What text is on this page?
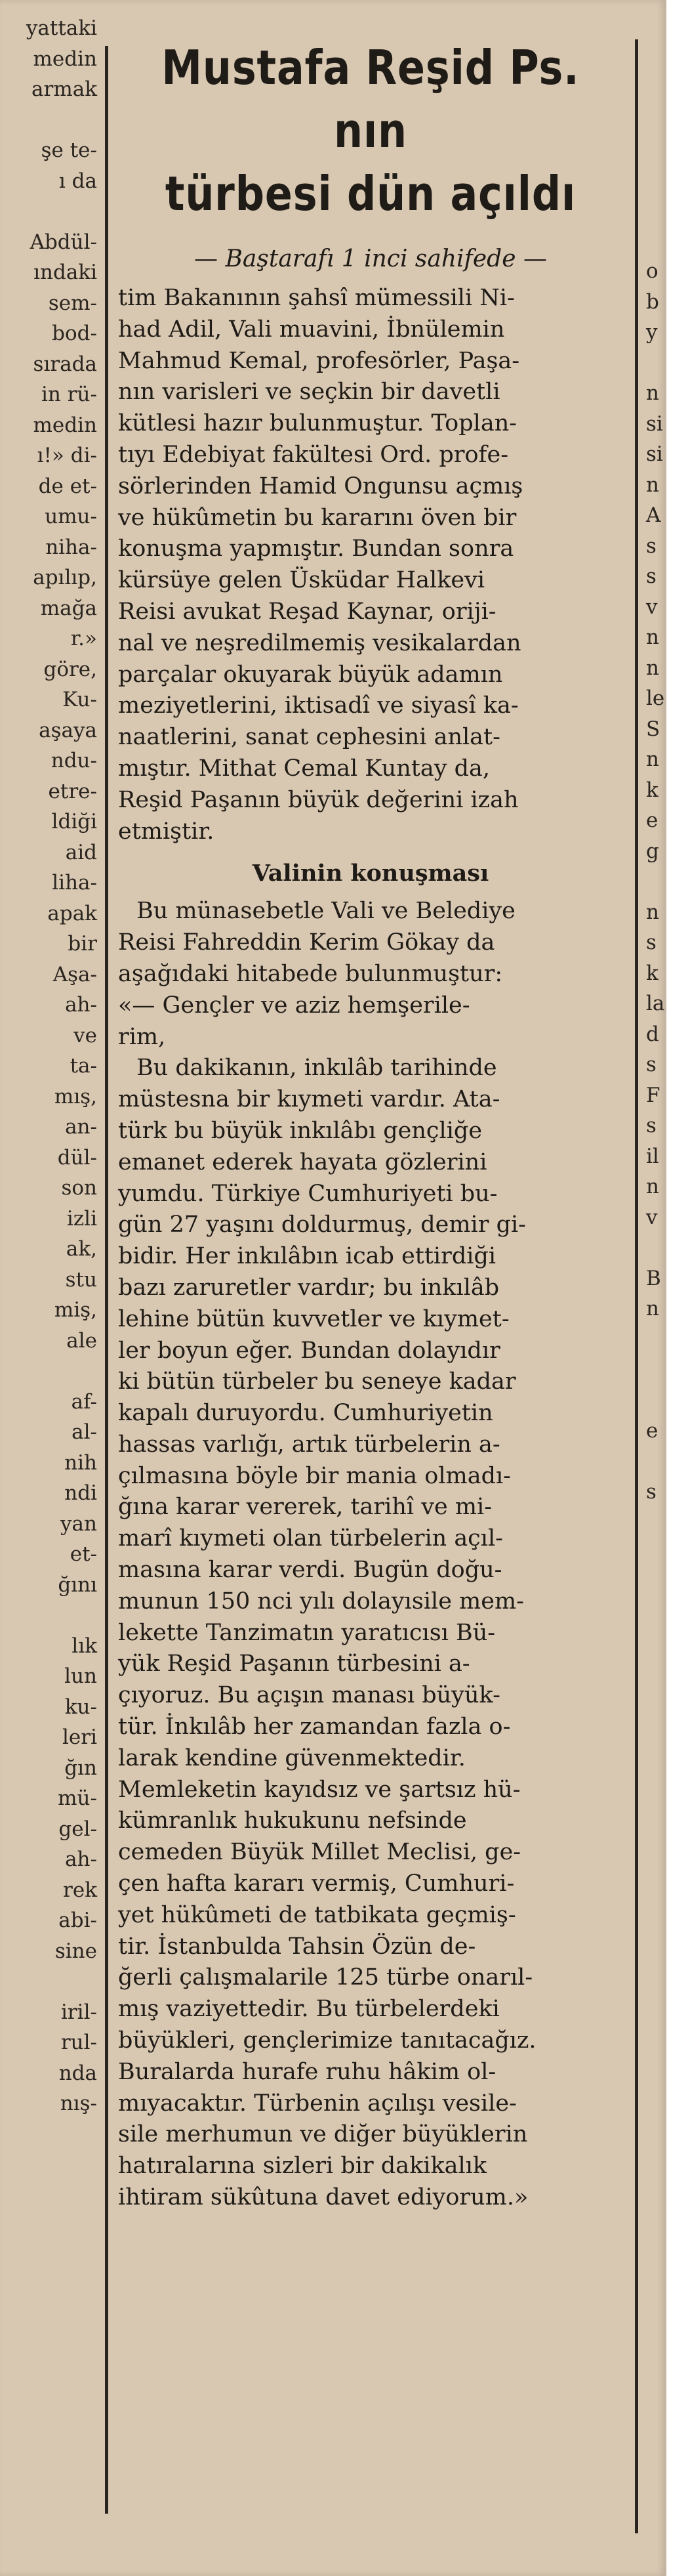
yattaki
medin
armak
şe te-
ı da
Abdül-
ındaki
sem-
bod-
sırada
in rü-
medin
ı!» di-
de et-
umu-
niha-
apılıp,
mağa
r.»
göre,
Ku-
aşaya
ndu-
etre-
ldiği
aid
liha-
apak
bir
Aşa-
ah-
ve
ta-
mış,
an-
dül-
son
izli
ak,
stu
miş,
ale
af-
al-
nih
ndi
yan
et-
ğını
lık
lun
ku-
leri
ğın
mü-
gel-
ah-
rek
abi-
sine
iril-
rul-
nda
nış-
o
b
y
n
si
si
n
A
s
s
v
n
n
le
S
n
k
e
g
n
s
k
la
d
s
F
s
il
n
v
B
n
e
s
Mustafa Reşid Ps. nın
türbesi dün açıldı
— Baştarafı 1 inci sahifede —
tim Bakanının şahsî mümessili Ni-
had Adil, Vali muavini, İbnülemin
Mahmud Kemal, profesörler, Paşa-
nın varisleri ve seçkin bir davetli
kütlesi hazır bulunmuştur. Toplan-
tıyı Edebiyat fakültesi Ord. profe-
sörlerinden Hamid Ongunsu açmış
ve hükûmetin bu kararını öven bir
konuşma yapmıştır. Bundan sonra
kürsüye gelen Üsküdar Halkevi
Reisi avukat Reşad Kaynar, oriji-
nal ve neşredilmemiş vesikalardan
parçalar okuyarak büyük adamın
meziyetlerini, iktisadî ve siyasî ka-
naatlerini, sanat cephesini anlat-
mıştır. Mithat Cemal Kuntay da,
Reşid Paşanın büyük değerini izah
etmiştir.
Valinin konuşması
Bu münasebetle Vali ve Belediye
Reisi Fahreddin Kerim Gökay da
aşağıdaki hitabede bulunmuştur:
«— Gençler ve aziz hemşerile-
rim,
Bu dakikanın, inkılâb tarihinde
müstesna bir kıymeti vardır. Ata-
türk bu büyük inkılâbı gençliğe
emanet ederek hayata gözlerini
yumdu. Türkiye Cumhuriyeti bu-
gün 27 yaşını doldurmuş, demir gi-
bidir. Her inkılâbın icab ettirdiği
bazı zaruretler vardır; bu inkılâb
lehine bütün kuvvetler ve kıymet-
ler boyun eğer. Bundan dolayıdır
ki bütün türbeler bu seneye kadar
kapalı duruyordu. Cumhuriyetin
hassas varlığı, artık türbelerin a-
çılmasına böyle bir mania olmadı-
ğına karar vererek, tarihî ve mi-
marî kıymeti olan türbelerin açıl-
masına karar verdi. Bugün doğu-
munun 150 nci yılı dolayısile mem-
lekette Tanzimatın yaratıcısı Bü-
yük Reşid Paşanın türbesini a-
çıyoruz. Bu açışın manası büyük-
tür. İnkılâb her zamandan fazla o-
larak kendine güvenmektedir.
Memleketin kayıdsız ve şartsız hü-
kümranlık hukukunu nefsinde
cemeden Büyük Millet Meclisi, ge-
çen hafta kararı vermiş, Cumhuri-
yet hükûmeti de tatbikata geçmiş-
tir. İstanbulda Tahsin Özün de-
ğerli çalışmalarile 125 türbe onarıl-
mış vaziyettedir. Bu türbelerdeki
büyükleri, gençlerimize tanıtacağız.
Buralarda hurafe ruhu hâkim ol-
mıyacaktır. Türbenin açılışı vesile-
sile merhumun ve diğer büyüklerin
hatıralarına sizleri bir dakikalık
ihtiram sükûtuna davet ediyorum.»
